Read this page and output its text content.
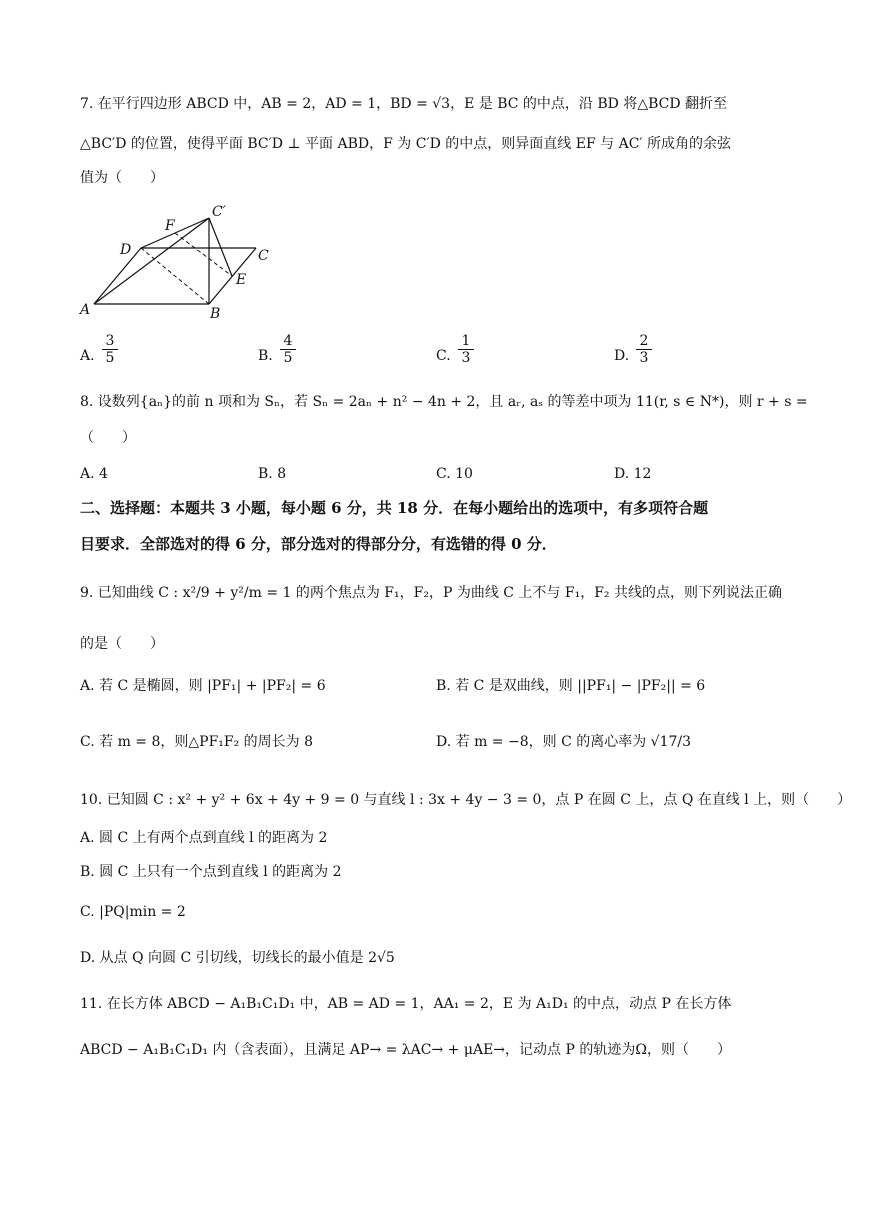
7. 在平行四边形 ABCD 中，AB = 2，AD = 1，BD = √3，E 是 BC 的中点，沿 BD 将△BCD 翻折至
△BC′D 的位置，使得平面 BC′D ⊥ 平面 ABD，F 为 C′D 的中点，则异面直线 EF 与 AC′ 所成角的余弦
值为（　　）
C′
F
D	C
E
A	B
A. $\frac{3}{5}$	B. $\frac{4}{5}$	C. $\frac{1}{3}$	D. $\frac{2}{3}$
8. 设数列{aₙ}的前 n 项和为 Sₙ，若 Sₙ = 2aₙ + n² − 4n + 2，且 aᵣ, aₛ 的等差中项为 11(r, s ∈ N*)，则 r + s =
（　　）
A. 4	B. 8	C. 10	D. 12
二、选择题：本题共 3 小题，每小题 6 分，共 18 分．在每小题给出的选项中，有多项符合题
目要求．全部选对的得 6 分，部分选对的得部分分，有选错的得 0 分．
9. 已知曲线 C : x²/9 + y²/m = 1 的两个焦点为 F₁，F₂，P 为曲线 C 上不与 F₁，F₂ 共线的点，则下列说法正确
的是（　　）
A. 若 C 是椭圆，则 |PF₁| + |PF₂| = 6	B. 若 C 是双曲线，则 ||PF₁| − |PF₂|| = 6
C. 若 m = 8，则△PF₁F₂ 的周长为 8	D. 若 m = −8，则 C 的离心率为 √17/3
10. 已知圆 C : x² + y² + 6x + 4y + 9 = 0 与直线 l : 3x + 4y − 3 = 0，点 P 在圆 C 上，点 Q 在直线 l 上，则（　　）
A. 圆 C 上有两个点到直线 l 的距离为 2
B. 圆 C 上只有一个点到直线 l 的距离为 2
C. |PQ|min = 2
D. 从点 Q 向圆 C 引切线，切线长的最小值是 2√5
11. 在长方体 ABCD − A₁B₁C₁D₁ 中，AB = AD = 1，AA₁ = 2，E 为 A₁D₁ 的中点，动点 P 在长方体
ABCD − A₁B₁C₁D₁ 内（含表面），且满足 AP→ = λAC→ + μAE→，记动点 P 的轨迹为Ω，则（　　）
